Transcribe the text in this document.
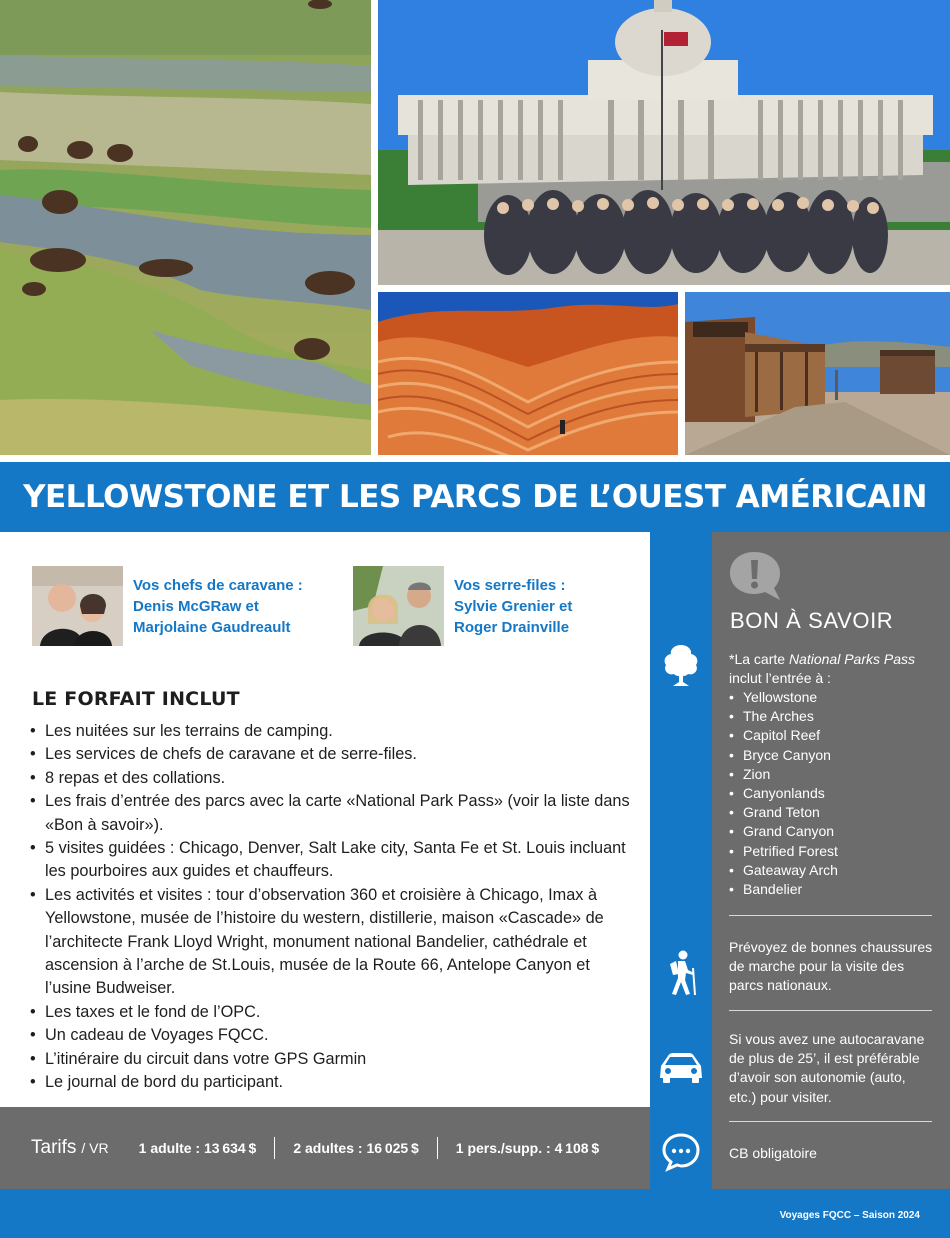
YELLOWSTONE ET LES PARCS DE L’OUEST AMÉRICAIN
Vos chefs de caravane :
Denis McGRaw et
Marjolaine Gaudreault
Vos serre-files :
Sylvie Grenier et
Roger Drainville
LE FORFAIT INCLUT
• Les nuitées sur les terrains de camping.
• Les services de chefs de caravane et de serre-files.
• 8 repas et des collations.
• Les frais d’entrée des parcs avec la carte «National Park Pass» (voir la liste dans «Bon à savoir»).
• 5 visites guidées : Chicago, Denver, Salt Lake city, Santa Fe et St. Louis incluant les pourboires aux guides et chauffeurs.
• Les activités et visites : tour d’observation 360 et croisière à Chicago, Imax à Yellowstone, musée de l’histoire du western, distillerie, maison «Cascade» de l’architecte Frank Lloyd Wright, monument national Bandelier, cathédrale et ascension à l’arche de St.Louis, musée de la Route 66, Antelope Canyon et l’usine Budweiser.
• Les taxes et le fond de l’OPC.
• Un cadeau de Voyages FQCC.
• L’itinéraire du circuit dans votre GPS Garmin
• Le journal de bord du participant.
Tarifs / VR 1 adulte : 13 634 $	2 adultes : 16 025 $	1 pers./supp. : 4 108 $
BON À SAVOIR
*La carte National Parks Pass
inclut l’entrée à :
• Yellowstone
• The Arches
• Capitol Reef
• Bryce Canyon
• Zion
• Canyonlands
• Grand Teton
• Grand Canyon
• Petrified Forest
• Gateaway Arch
• Bandelier
Prévoyez de bonnes chaussures de marche pour la visite des parcs nationaux.
Si vous avez une autocaravane de plus de 25’, il est préférable d’avoir son autonomie (auto, etc.) pour visiter.
CB obligatoire
Voyages FQCC – Saison 2024
